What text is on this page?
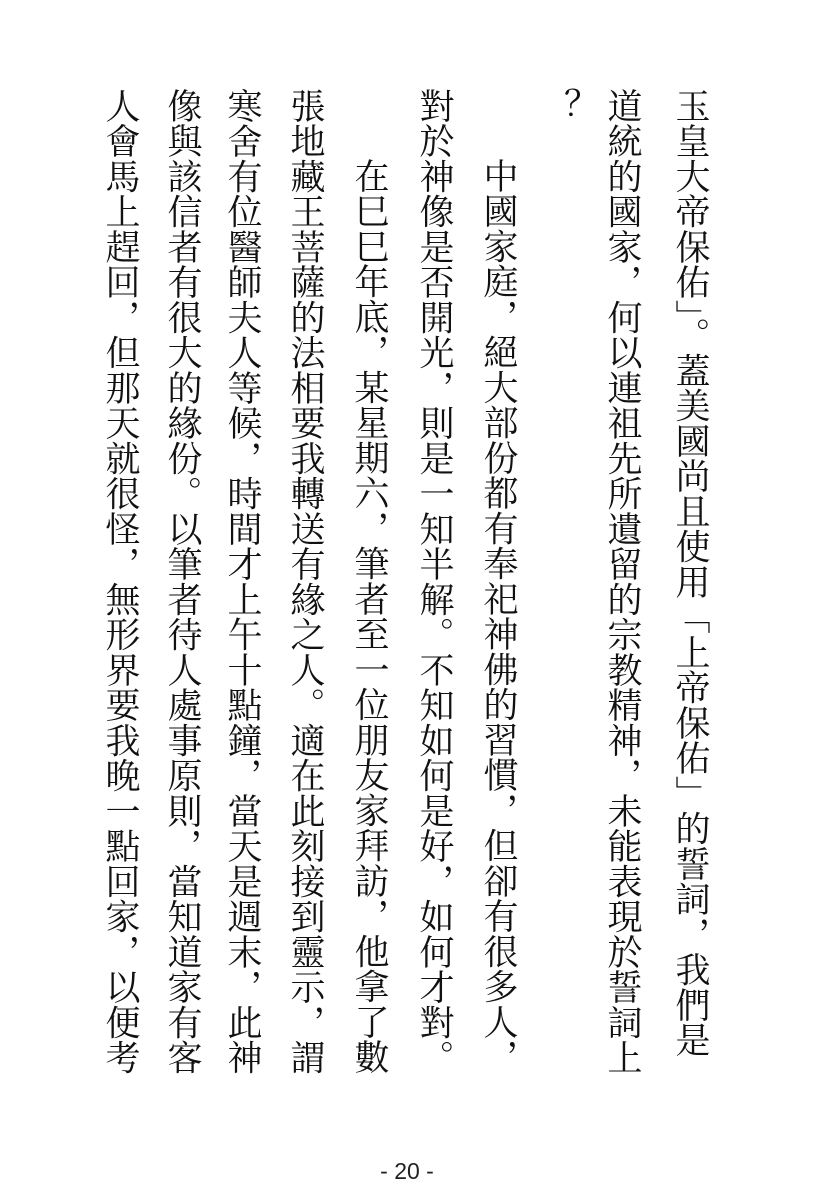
玉皇大帝保佑」。蓋美國尚且使用「上帝保佑」的誓詞，我們是
道統的國家，何以連祖先所遺留的宗教精神，未能表現於誓詞上
？
中國家庭，絕大部份都有奉祀神佛的習慣，但卻有很多人，
對於神像是否開光，則是一知半解。不知如何是好，如何才對。
在巳巳年底，某星期六，筆者至一位朋友家拜訪，他拿了數
張地藏王菩薩的法相要我轉送有緣之人。適在此刻接到靈示，謂
寒舍有位醫師夫人等候，時間才上午十點鐘，當天是週末，此神
像與該信者有很大的緣份。以筆者待人處事原則，當知道家有客
人會馬上趕回，但那天就很怪，無形界要我晚一點回家，以便考
- 20 -
